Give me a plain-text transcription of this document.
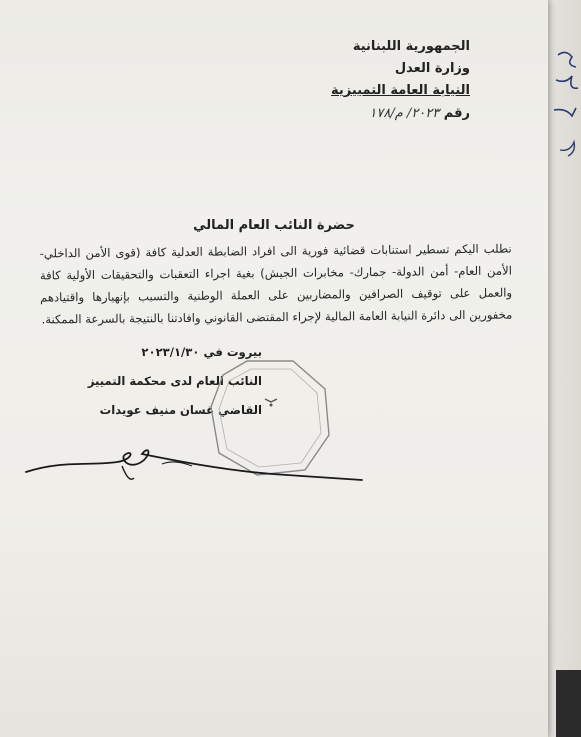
الجمهورية اللبنانية
وزارة العدل
النيابة العامة التمييزية
رقم ٢٠٢٣/ م/١٧٨
حضرة النائب العام المالي

نطلب اليكم تسطير استنابات قضائية فورية الى افراد الضابطة العدلية كافة (قوى الأمن الداخلي- الأمن العام- أمن الدولة- جمارك- مخابرات الجيش) بغية اجراء التعقبات والتحقيقات الأولية كافة والعمل على توقيف الصرافين والمضاربين على العملة الوطنية والتسبب بإنهيارها واقتيادهم مخفورين الى دائرة النيابة العامة المالية لإجراء المقتضى القانوني وافادتنا بالنتيجة بالسرعة الممكنة.

بيروت في ٢٠٢٣/١/٣٠
النائب العام لدى محكمة التمييز
القاضي غسان منيف عويدات
